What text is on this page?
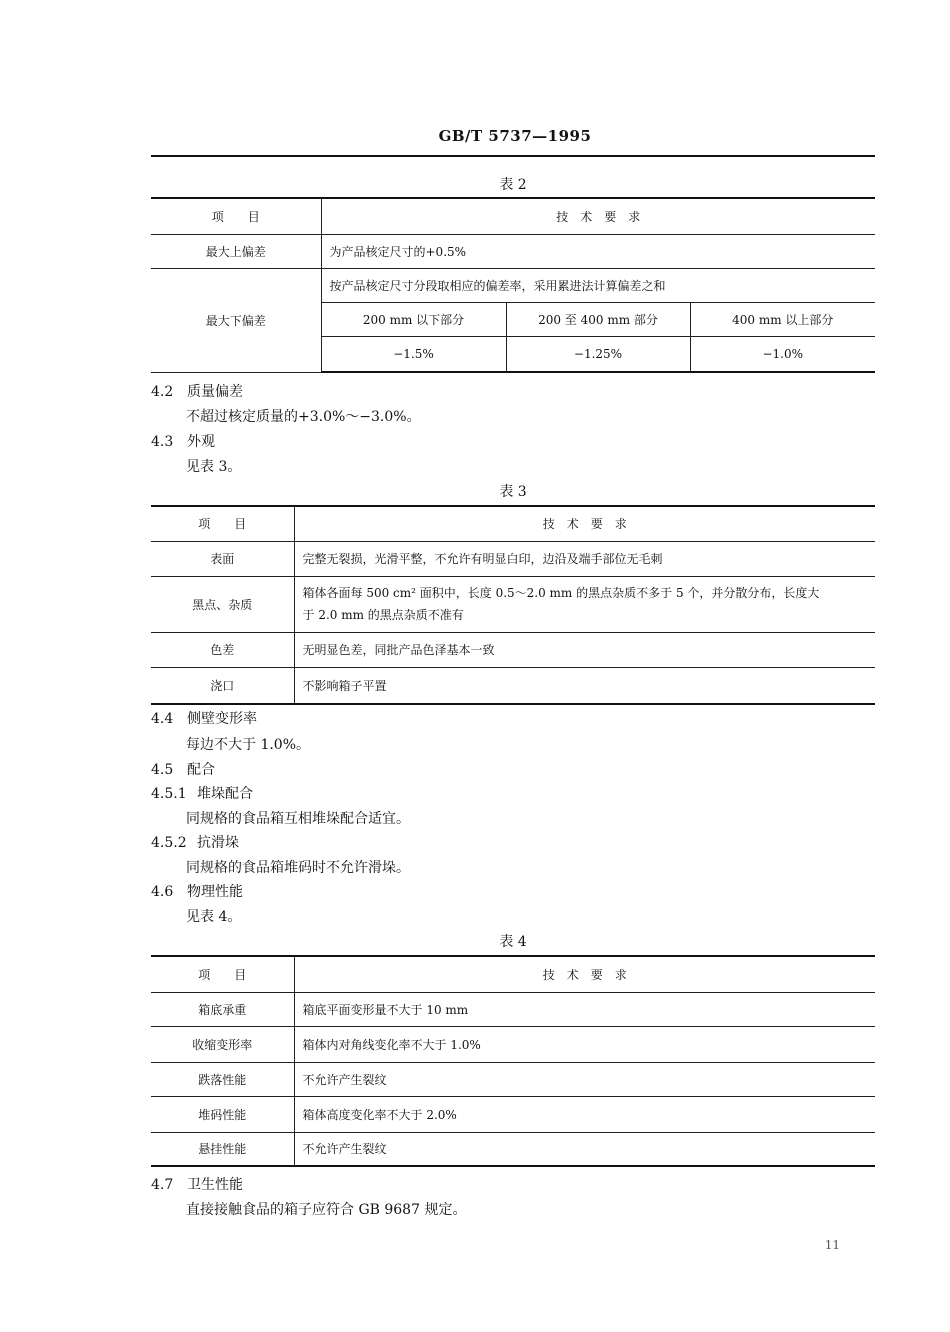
GB/T 5737—1995
表 2
项　　目	技　术　要　求		
最大上偏差	为产品核定尺寸的+0.5%		
最大下偏差	按产品核定尺寸分段取相应的偏差率，采用累进法计算偏差之和		
	200 mm 以下部分	200 至 400 mm 部分	400 mm 以上部分
	−1.5%	−1.25%	−1.0%
4.2 质量偏差
不超过核定质量的+3.0%～−3.0%。
4.3 外观
见表 3。
表 3
项　　目	技　术　要　求
表面	完整无裂损，光滑平整，不允许有明显白印，边沿及端手部位无毛刺
黑点、杂质	箱体各面每 500 cm² 面积中，长度 0.5～2.0 mm 的黑点杂质不多于 5 个，并分散分布，长度大
于 2.0 mm 的黑点杂质不准有

色差	无明显色差，同批产品色泽基本一致
浇口	不影响箱子平置
4.4 侧壁变形率
每边不大于 1.0%。
4.5 配合
4.5.1 堆垛配合
同规格的食品箱互相堆垛配合适宜。
4.5.2 抗滑垛
同规格的食品箱堆码时不允许滑垛。
4.6 物理性能
见表 4。
表 4
项　　目	技　术　要　求
箱底承重	箱底平面变形量不大于 10 mm
收缩变形率	箱体内对角线变化率不大于 1.0%
跌落性能	不允许产生裂纹
堆码性能	箱体高度变化率不大于 2.0%
悬挂性能	不允许产生裂纹
4.7 卫生性能
直接接触食品的箱子应符合 GB 9687 规定。
11
